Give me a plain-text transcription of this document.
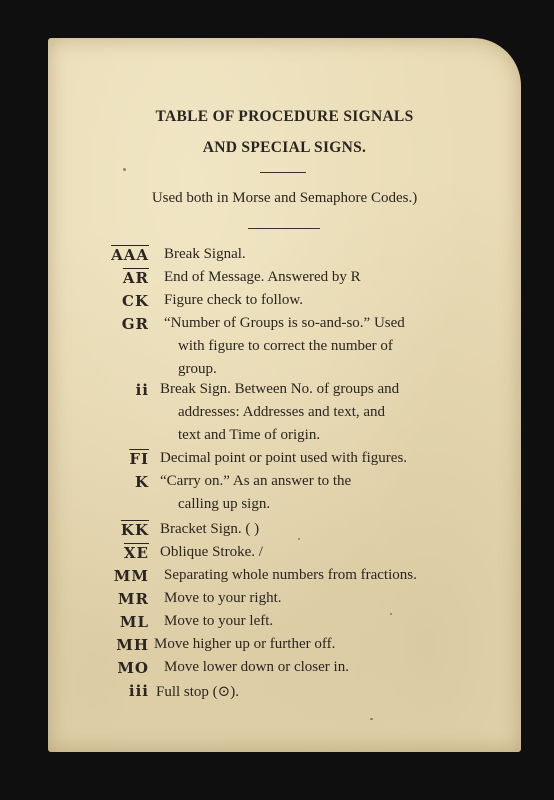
TABLE OF PROCEDURE SIGNALS
AND SPECIAL SIGNS.
Used both in Morse and Semaphore Codes.)
$\overline{AAA}$ Break Signal.
$\overline{AR}$ End of Message. Answered by R
CK Figure check to follow.
GR “Number of Groups is so-and-so.” Used
with figure to correct the number of
group.
ii Break Sign. Between No. of groups and
addresses: Addresses and text, and
text and Time of origin.
$\overline{FI}$ Decimal point or point used with figures.
K “Carry on.” As an answer to the
calling up sign.
$\overline{KK}$ Bracket Sign. ( )
$\overline{XE}$ Oblique Stroke. /
MM Separating whole numbers from fractions.
MR Move to your right.
ML Move to your left.
MH Move higher up or further off.
MO Move lower down or closer in.
iii Full stop (⊙).
